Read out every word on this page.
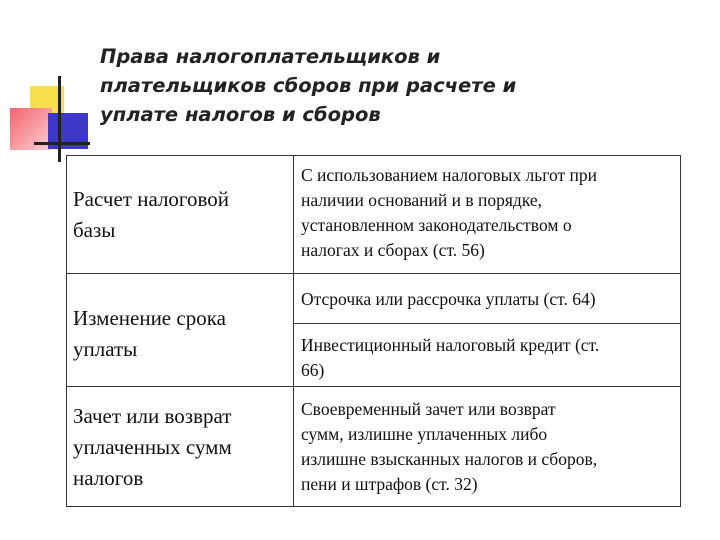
Права налогоплательщиков и
плательщиков сборов при расчете и
уплате налогов и сборов
Расчет налоговой
базы
С использованием налоговых льгот при
наличии оснований и в порядке,
установленном законодательством о
налогах и сборах (ст. 56)
Изменение срока
уплаты
Отсрочка или рассрочка уплаты (ст. 64)
Инвестиционный налоговый кредит (ст.
66)
Зачет или возврат
уплаченных сумм
налогов
Своевременный зачет или возврат
сумм, излишне уплаченных либо
излишне взысканных налогов и сборов,
пени и штрафов (ст. 32)
